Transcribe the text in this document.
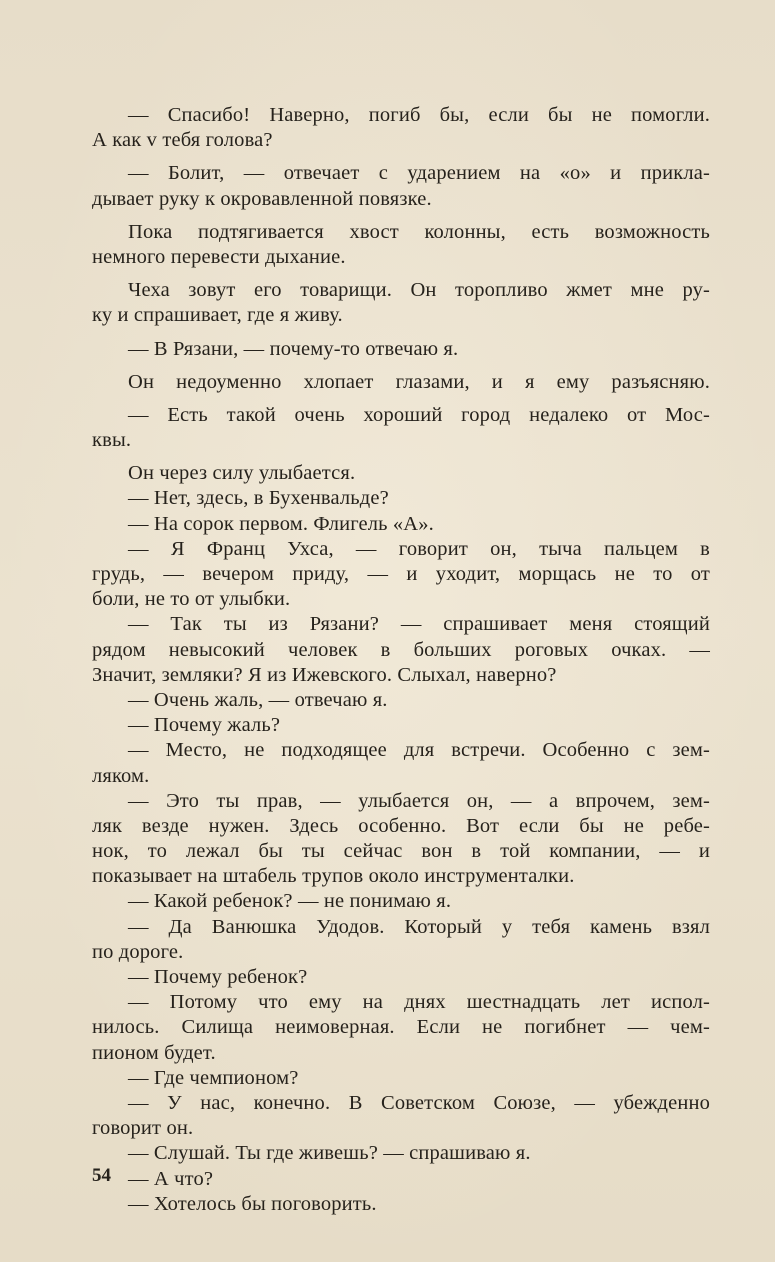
— Спасибо! Наверно, погиб бы, если бы не помогли.
А как v тебя голова?
— Болит, — отвечает с ударением на «о» и прикла-
дывает руку к окровавленной повязке.
Пока подтягивается хвост колонны, есть возможность
немного перевести дыхание.
Чеха зовут его товарищи. Он торопливо жмет мне ру-
ку и спрашивает, где я живу.
— В Рязани, — почему-то отвечаю я.
Он недоуменно хлопает глазами, и я ему разъясняю.
— Есть такой очень хороший город недалеко от Мос-
квы.
Он через силу улыбается.
— Нет, здесь, в Бухенвальде?
— На сорок первом. Флигель «А».
— Я Франц Ухса, — говорит он, тыча пальцем в
грудь, — вечером приду, — и уходит, морщась не то от
боли, не то от улыбки.
— Так ты из Рязани? — спрашивает меня стоящий
рядом невысокий человек в больших роговых очках. —
Значит, земляки? Я из Ижевского. Слыхал, наверно?
— Очень жаль, — отвечаю я.
— Почему жаль?
— Место, не подходящее для встречи. Особенно с зем-
ляком.
— Это ты прав, — улыбается он, — а впрочем, зем-
ляк везде нужен. Здесь особенно. Вот если бы не ребе-
нок, то лежал бы ты сейчас вон в той компании, — и
показывает на штабель трупов около инструменталки.
— Какой ребенок? — не понимаю я.
— Да Ванюшка Удодов. Который у тебя камень взял
по дороге.
— Почему ребенок?
— Потому что ему на днях шестнадцать лет испол-
нилось. Силища неимоверная. Если не погибнет — чем-
пионом будет.
— Где чемпионом?
— У нас, конечно. В Советском Союзе, — убежденно
говорит он.
— Слушай. Ты где живешь? — спрашиваю я.
— А что?
— Хотелось бы поговорить.
54
